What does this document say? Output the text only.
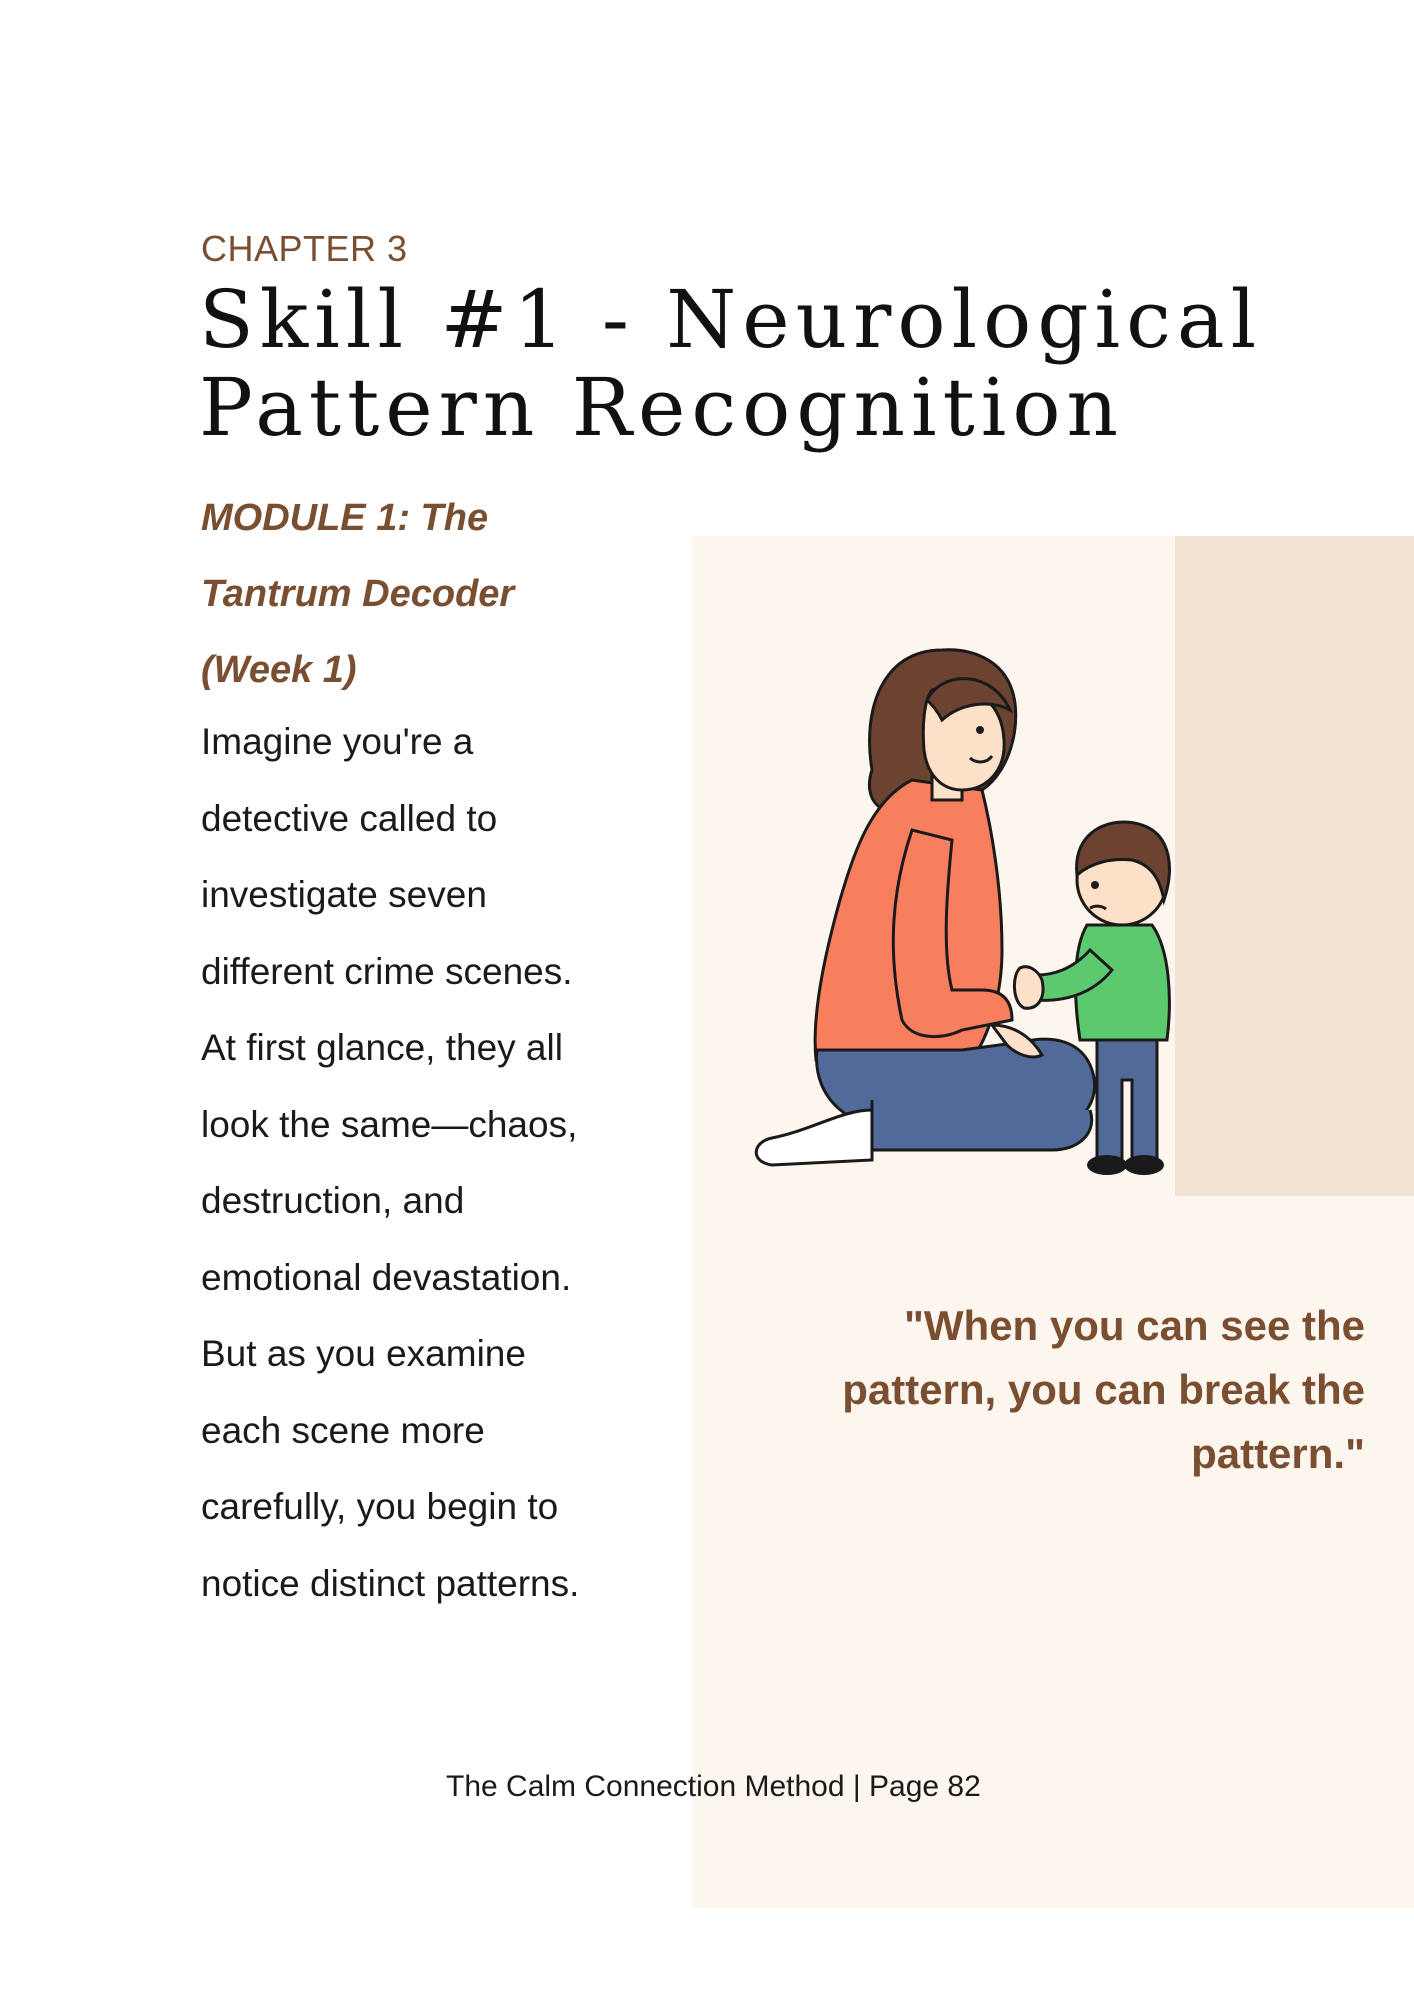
CHAPTER 3
Skill #1 - Neurological Pattern Recognition
MODULE 1: The Tantrum Decoder (Week 1)
Imagine you're a detective called to investigate seven different crime scenes. At first glance, they all look the same—chaos, destruction, and emotional devastation. But as you examine each scene more carefully, you begin to notice distinct patterns.
"When you can see the pattern, you can break the pattern."
The Calm Connection Method | Page 82
